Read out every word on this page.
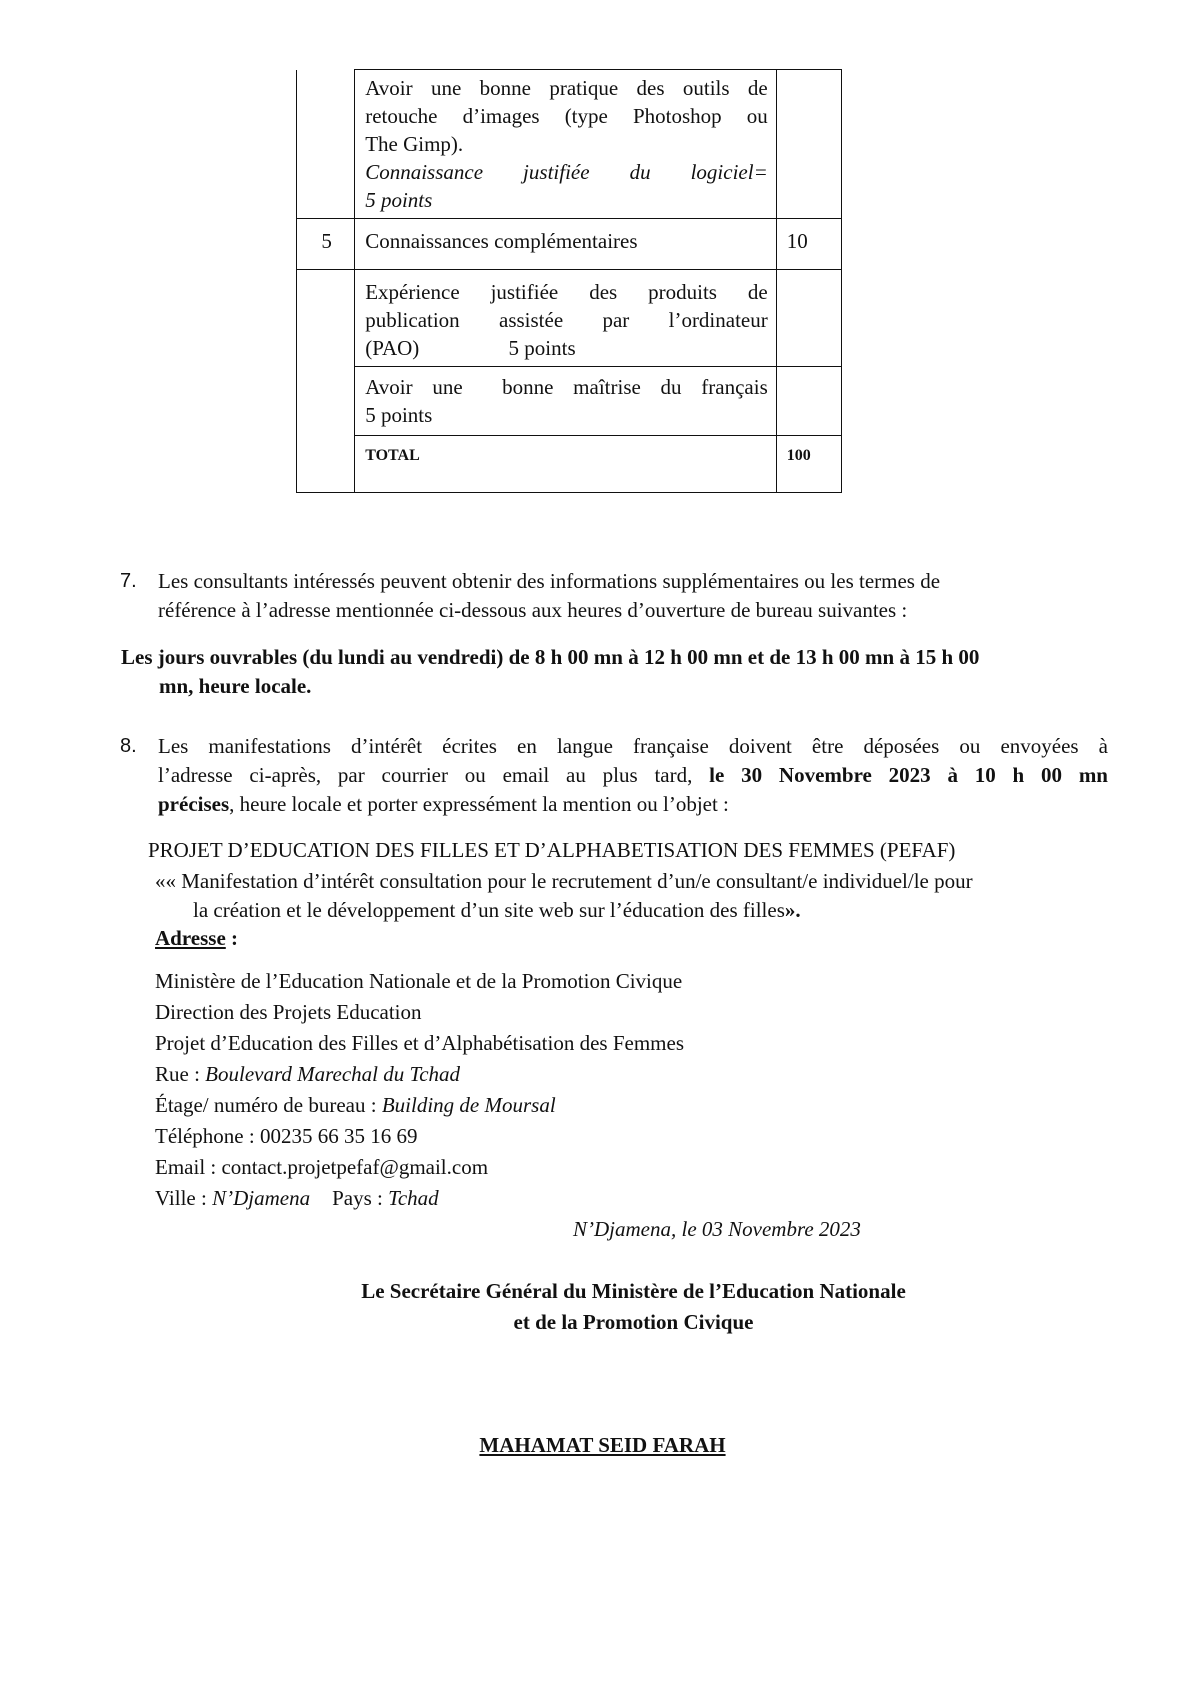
	Avoir une bonne pratique des outils de
retouche d’images (type Photoshop ou
The Gimp).
Connaissance justifiée du logiciel=
5 points	

5	Connaissances complémentaires	10

	Expérience justifiée des produits de
publication assistée par l’ordinateur
(PAO)                 5 points	

	Avoir une  bonne maîtrise du français
5 points	

	TOTAL	100
7. Les consultants intéressés peuvent obtenir des informations supplémentaires ou les termes de
référence à l’adresse mentionnée ci-dessous aux heures d’ouverture de bureau suivantes :
Les jours ouvrables (du lundi au vendredi) de 8 h 00 mn à 12 h 00 mn et de 13 h 00 mn à 15 h 00
mn, heure locale.
8. Les manifestations d’intérêt écrites en langue française doivent être déposées ou envoyées à
l’adresse ci-après, par courrier ou email au plus tard, le 30 Novembre 2023 à 10 h 00 mn
précises, heure locale et porter expressément la mention ou l’objet :
PROJET D’EDUCATION DES FILLES ET D’ALPHABETISATION DES FEMMES (PEFAF)
«« Manifestation d’intérêt consultation pour le recrutement d’un/e consultant/e individuel/le pour
la création et le développement d’un site web sur l’éducation des filles».
Adresse :
Ministère de l’Education Nationale et de la Promotion Civique
Direction des Projets Education
Projet d’Education des Filles et d’Alphabétisation des Femmes
Rue : Boulevard Marechal du Tchad
Étage/ numéro de bureau : Building de Moursal
Téléphone : 00235 66 35 16 69
Email : contact.projetpefaf@gmail.com
Ville : N’Djamena Pays : Tchad
N’Djamena, le 03 Novembre 2023
Le Secrétaire Général du Ministère de l’Education Nationale
et de la Promotion Civique
MAHAMAT SEID FARAH
